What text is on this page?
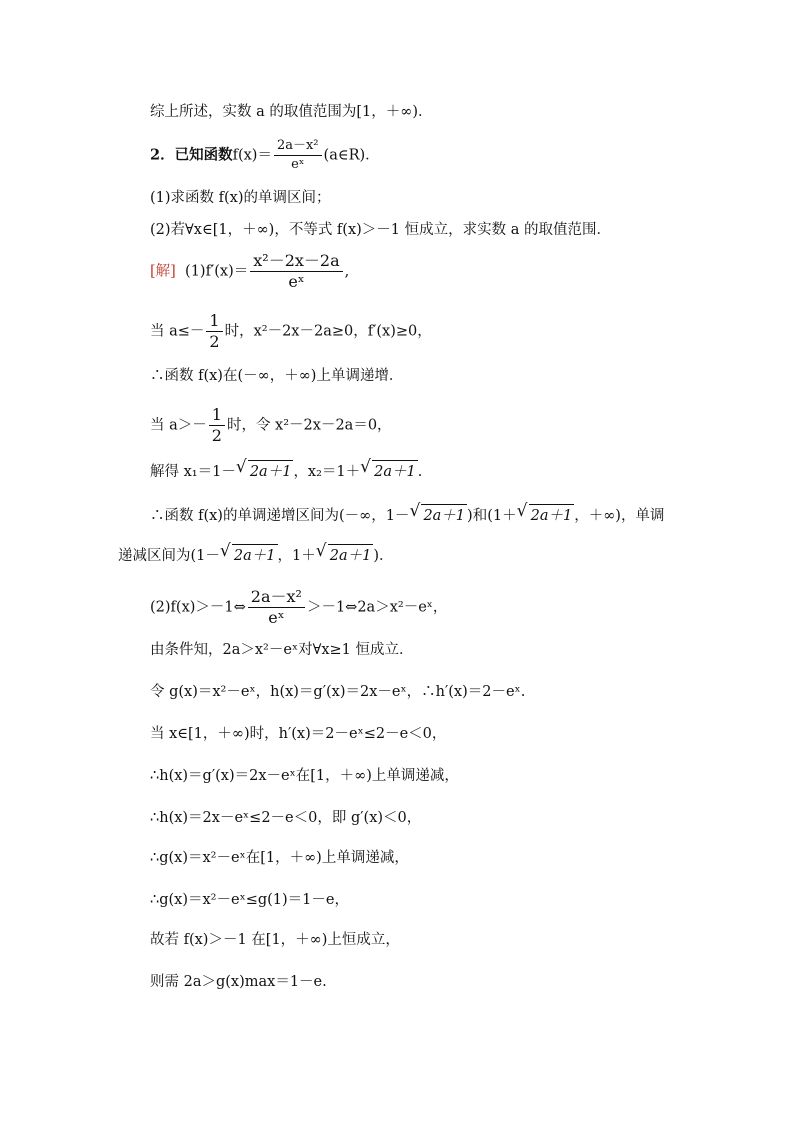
综上所述，实数 a 的取值范围为[1，＋∞)．
2．已知函数$f(x)= \frac{\text{2a－x²}}{\text{eˣ}}$ (a∈R)．
(1)求函数 f(x)的单调区间；
(2)若∀x∈[1，＋∞)，不等式 f(x)＞－1 恒成立，求实数 a 的取值范围．
[解] $(1)f'(x)= \frac{\text{x²－2x－2a}}{\text{eˣ}}$ ,
当 $a\le- \frac{1}{2}$ 时，x²－2x－2a≥0，f′(x)≥0，
∴函数 f(x)在(－∞，＋∞)上单调递增．
当 $a>- \frac{1}{2}$ 时，令 x²－2x－2a＝0，
解得 x₁＝1－ √ 2a＋1 ，x₂＝1＋ √ 2a＋1 .
∴函数 f(x)的单调递增区间为(－∞，1－ √ 2a＋1 )和(1＋ √ 2a＋1 ，＋∞)，单调
递减区间为(1－ √ 2a＋1 ，1＋ √ 2a＋1 )．
(2)f(x)＞－1⇔ $\frac{\text{2a－x²}}{\text{eˣ}}$ ＞－1⇔2a＞x²－eˣ，
由条件知，2a＞x²－eˣ对∀x≥1 恒成立．
令 g(x)＝x²－eˣ，h(x)＝g′(x)＝2x－eˣ，∴h′(x)＝2－eˣ.
当 x∈[1，＋∞)时，h′(x)＝2－eˣ≤2－e＜0，
∴h(x)＝g′(x)＝2x－eˣ在[1，＋∞)上单调递减，
∴h(x)＝2x－eˣ≤2－e＜0，即 g′(x)＜0，
∴g(x)＝x²－eˣ在[1，＋∞)上单调递减，
∴g(x)＝x²－eˣ≤g(1)＝1－e，
故若 f(x)＞－1 在[1，＋∞)上恒成立，
则需 2a＞g(x)max＝1－e.
